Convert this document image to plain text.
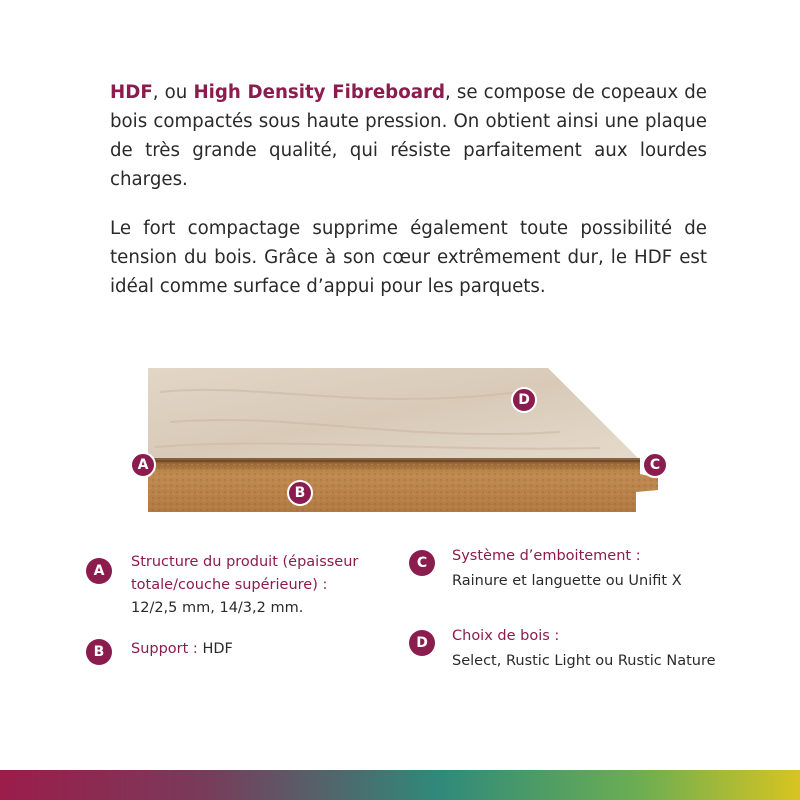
HDF, ou High Density Fibreboard, se compose de copeaux de bois compactés sous haute pression. On obtient ainsi une plaque de très grande qualité, qui résiste parfaitement aux lourdes charges.

Le fort compactage supprime également toute possibilité de tension du bois. Grâce à son cœur extrêmement dur, le HDF est idéal comme surface d’appui pour les parquets.

A
B
C
D
A
Structure du produit (épaisseur
totale/couche supérieure) :
12/2,5 mm, 14/3,2 mm.
B	Support : HDF
C	Système d’emboitement :
Rainure et languette ou Unifit X
D	Choix de bois :
Select, Rustic Light ou Rustic Nature
